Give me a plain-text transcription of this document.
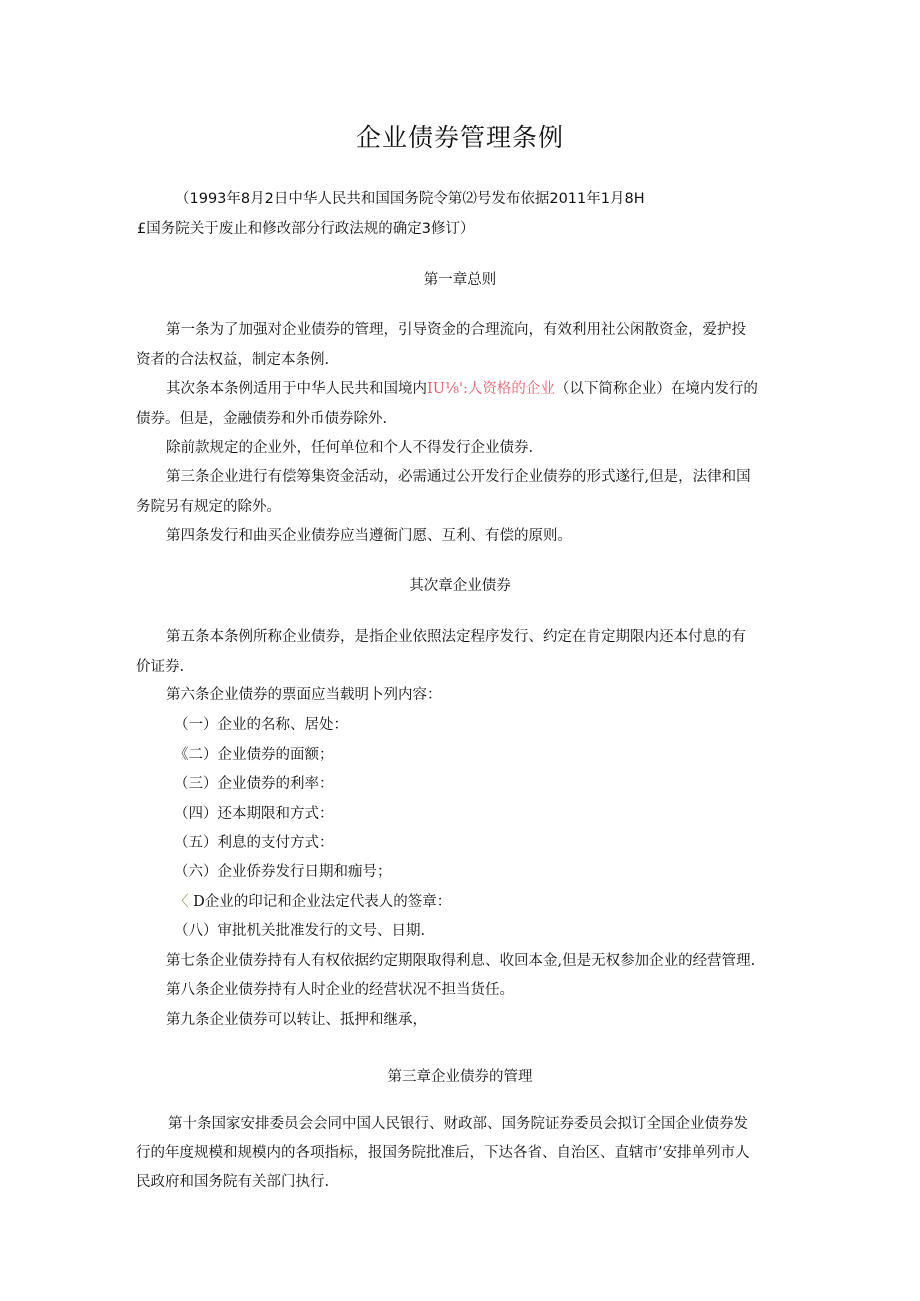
企业债券管理条例
（1993年8月2日中华人民共和国国务院令第⑵号发布依据2011年1月8H
£国务院关于废止和修改部分行政法规的确定3修订）
第一章总则
第一条为了加强对企业债券的管理，引导资金的合理流向，有效利用社公闲散资金，爱护投
资者的合法权益，制定本条例.
其次条本条例适用于中华人民共和国境内IU⅛':人资格的企业（以下简称企业）在境内发行的
债券。但是，金融债券和外币债券除外.
除前款规定的企业外，任何单位和个人不得发行企业债券.
第三条企业进行有偿筹集资金活动，必需通过公开发行企业债券的形式遂行,但是，法律和国
务院另有规定的除外。
第四条发行和曲买企业债券应当遵衙门愿、互利、有偿的原则。
其次章企业债券
第五条本条例所称企业债券，是指企业依照法定程序发行、约定在肯定期限内还本付息的有
价证券.
第六条企业债券的票面应当载明卜列内容：
（一）企业的名称、居处：
《二）企业债券的面额；
（三）企业债券的利率：
（四）还本期限和方式：
（五）利息的支付方式：
（六）企业侨券发行日期和痂号；
〈 D企业的印记和企业法定代表人的签章：
（八）审批机关批准发行的文号、日期.
第七条企业债券持有人有权依据约定期限取得利息、收回本金,但是无权参加企业的经营管理.
第八条企业债券持有人时企业的经营状况不担当货任。
第九条企业债券可以转让、抵押和继承，
第三章企业债券的管理
第十条国家安排委员会会同中国人民银行、财政部、国务院证券委员会拟订全国企业债券发
行的年度规模和规模内的各项指标，报国务院批准后，下达各省、自治区、直辖市’安排单列市人
民政府和国务院有关部门执行.
